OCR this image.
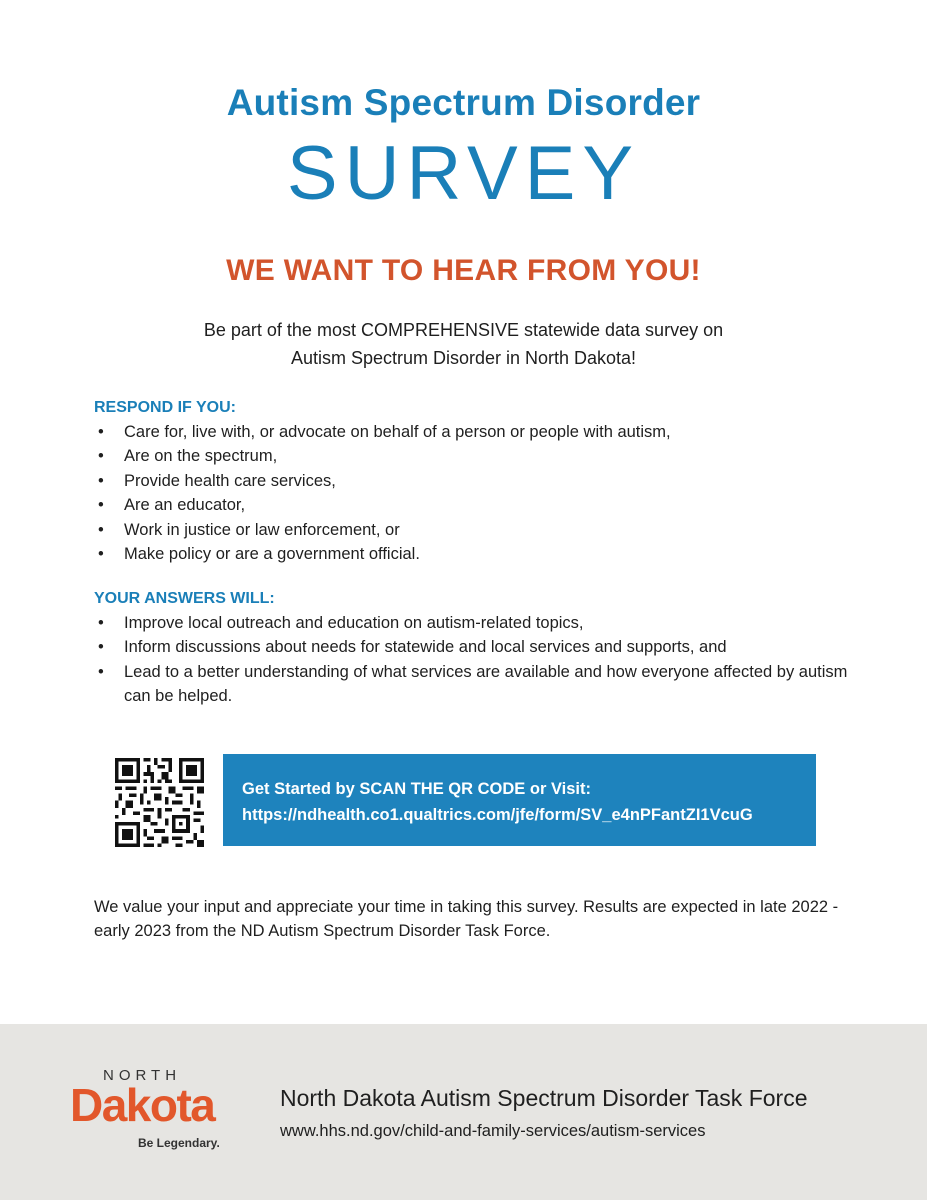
Autism Spectrum Disorder
SURVEY
WE WANT TO HEAR FROM YOU!
Be part of the most COMPREHENSIVE statewide data survey on
Autism Spectrum Disorder in North Dakota!
RESPOND IF YOU:
• Care for, live with, or advocate on behalf of a person or people with autism,
• Are on the spectrum,
• Provide health care services,
• Are an educator,
• Work in justice or law enforcement, or
• Make policy or are a government official.
YOUR ANSWERS WILL:
• Improve local outreach and education on autism-related topics,
• Inform discussions about needs for statewide and local services and supports, and
• Lead to a better understanding of what services are available and how everyone affected by autism can be helped.
Get Started by SCAN THE QR CODE or Visit:
https://ndhealth.co1.qualtrics.com/jfe/form/SV_e4nPFantZI1VcuG
We value your input and appreciate your time in taking this survey. Results are expected in late 2022 - early 2023 from the ND Autism Spectrum Disorder Task Force.
NORTH
Dakota
Be Legendary.
North Dakota Autism Spectrum Disorder Task Force
www.hhs.nd.gov/child-and-family-services/autism-services
